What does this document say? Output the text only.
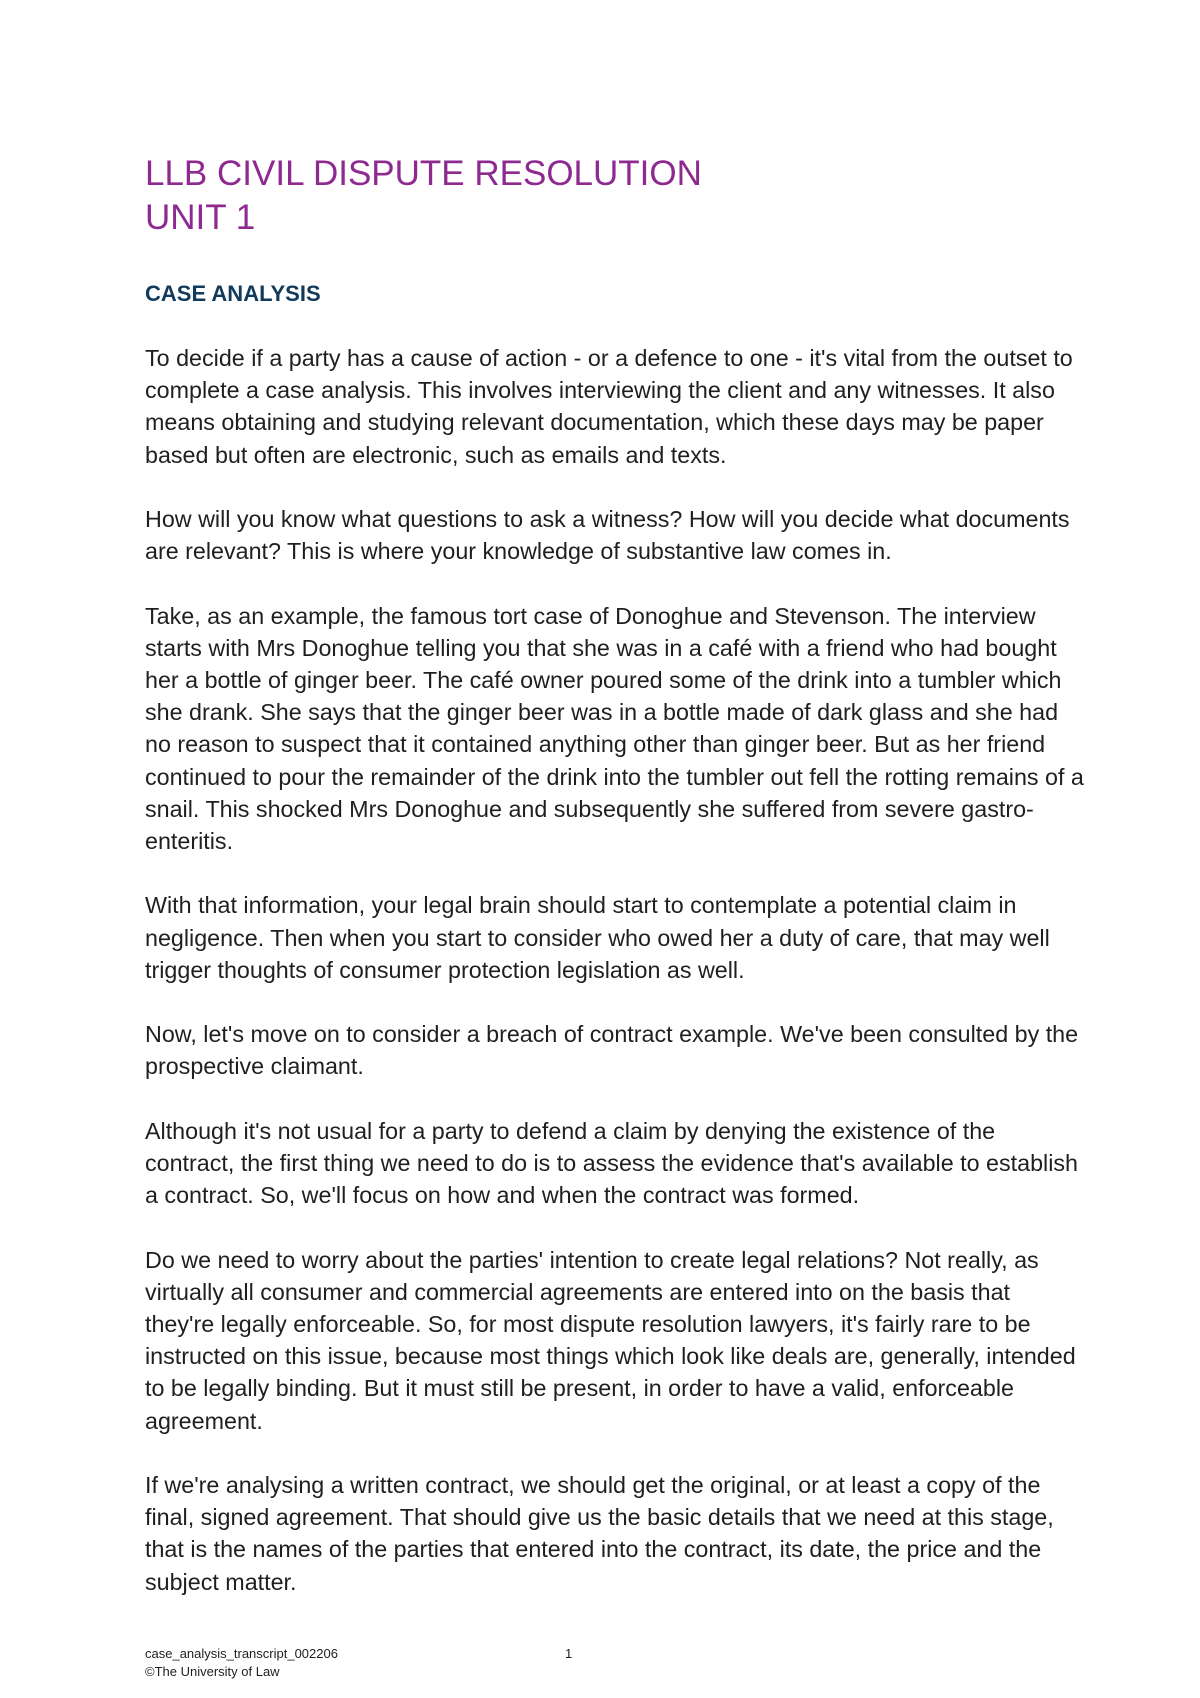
LLB CIVIL DISPUTE RESOLUTION
UNIT 1
CASE ANALYSIS

To decide if a party has a cause of action - or a defence to one - it's vital from the outset to complete a case analysis. This involves interviewing the client and any witnesses. It also means obtaining and studying relevant documentation, which these days may be paper based but often are electronic, such as emails and texts.

How will you know what questions to ask a witness? How will you decide what documents are relevant? This is where your knowledge of substantive law comes in.

Take, as an example, the famous tort case of Donoghue and Stevenson. The interview starts with Mrs Donoghue telling you that she was in a café with a friend who had bought her a bottle of ginger beer. The café owner poured some of the drink into a tumbler which she drank. She says that the ginger beer was in a bottle made of dark glass and she had no reason to suspect that it contained anything other than ginger beer. But as her friend continued to pour the remainder of the drink into the tumbler out fell the rotting remains of a snail. This shocked Mrs Donoghue and subsequently she suffered from severe gastro-enteritis.

With that information, your legal brain should start to contemplate a potential claim in negligence. Then when you start to consider who owed her a duty of care, that may well trigger thoughts of consumer protection legislation as well.

Now, let's move on to consider a breach of contract example. We've been consulted by the prospective claimant.

Although it's not usual for a party to defend a claim by denying the existence of the contract, the first thing we need to do is to assess the evidence that's available to establish a contract. So, we'll focus on how and when the contract was formed.

Do we need to worry about the parties' intention to create legal relations? Not really, as virtually all consumer and commercial agreements are entered into on the basis that they're legally enforceable. So, for most dispute resolution lawyers, it's fairly rare to be instructed on this issue, because most things which look like deals are, generally, intended to be legally binding. But it must still be present, in order to have a valid, enforceable agreement.

If we're analysing a written contract, we should get the original, or at least a copy of the final, signed agreement. That should give us the basic details that we need at this stage, that is the names of the parties that entered into the contract, its date, the price and the subject matter.

case_analysis_transcript_002206
©The University of Law
1
